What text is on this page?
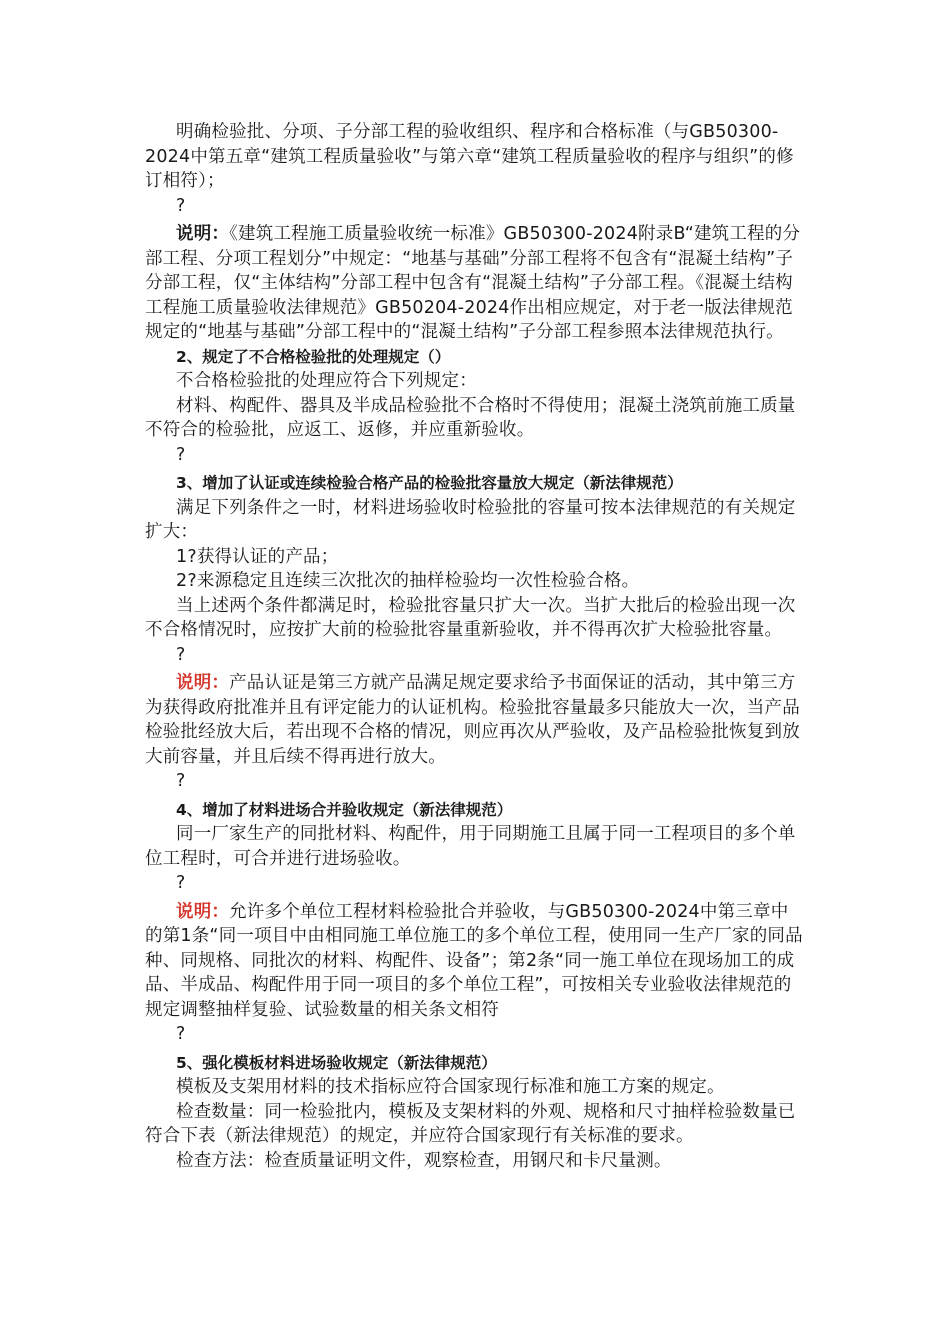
明确检验批、分项、子分部工程的验收组织、程序和合格标准（与GB50300-2024中第五章“建筑工程质量验收”与第六章“建筑工程质量验收的程序与组织”的修订相符）；

?

说明：《建筑工程施工质量验收统一标准》GB50300-2024附录B“建筑工程的分部工程、分项工程划分”中规定：“地基与基础”分部工程将不包含有“混凝土结构”子分部工程，仅“主体结构”分部工程中包含有“混凝土结构”子分部工程。《混凝土结构工程施工质量验收法律规范》GB50204-2024作出相应规定，对于老一版法律规范规定的“地基与基础”分部工程中的“混凝土结构”子分部工程参照本法律规范执行。

2、规定了不合格检验批的处理规定（）

不合格检验批的处理应符合下列规定：

材料、构配件、器具及半成品检验批不合格时不得使用；混凝土浇筑前施工质量不符合的检验批，应返工、返修，并应重新验收。

?

3、增加了认证或连续检验合格产品的检验批容量放大规定（新法律规范）

满足下列条件之一时，材料进场验收时检验批的容量可按本法律规范的有关规定扩大：

1?获得认证的产品；

2?来源稳定且连续三次批次的抽样检验均一次性检验合格。

当上述两个条件都满足时，检验批容量只扩大一次。当扩大批后的检验出现一次不合格情况时，应按扩大前的检验批容量重新验收，并不得再次扩大检验批容量。

?

说明：产品认证是第三方就产品满足规定要求给予书面保证的活动，其中第三方为获得政府批准并且有评定能力的认证机构。检验批容量最多只能放大一次，当产品检验批经放大后，若出现不合格的情况，则应再次从严验收，及产品检验批恢复到放大前容量，并且后续不得再进行放大。

?

4、增加了材料进场合并验收规定（新法律规范）

同一厂家生产的同批材料、构配件，用于同期施工且属于同一工程项目的多个单位工程时，可合并进行进场验收。

?

说明：允许多个单位工程材料检验批合并验收，与GB50300-2024中第三章中的第1条“同一项目中由相同施工单位施工的多个单位工程，使用同一生产厂家的同品种、同规格、同批次的材料、构配件、设备”；第2条“同一施工单位在现场加工的成品、半成品、构配件用于同一项目的多个单位工程”，可按相关专业验收法律规范的规定调整抽样复验、试验数量的相关条文相符

?

5、强化模板材料进场验收规定（新法律规范）

模板及支架用材料的技术指标应符合国家现行标准和施工方案的规定。

检查数量：同一检验批内，模板及支架材料的外观、规格和尺寸抽样检验数量已符合下表（新法律规范）的规定，并应符合国家现行有关标准的要求。

检查方法：检查质量证明文件，观察检查，用钢尺和卡尺量测。
